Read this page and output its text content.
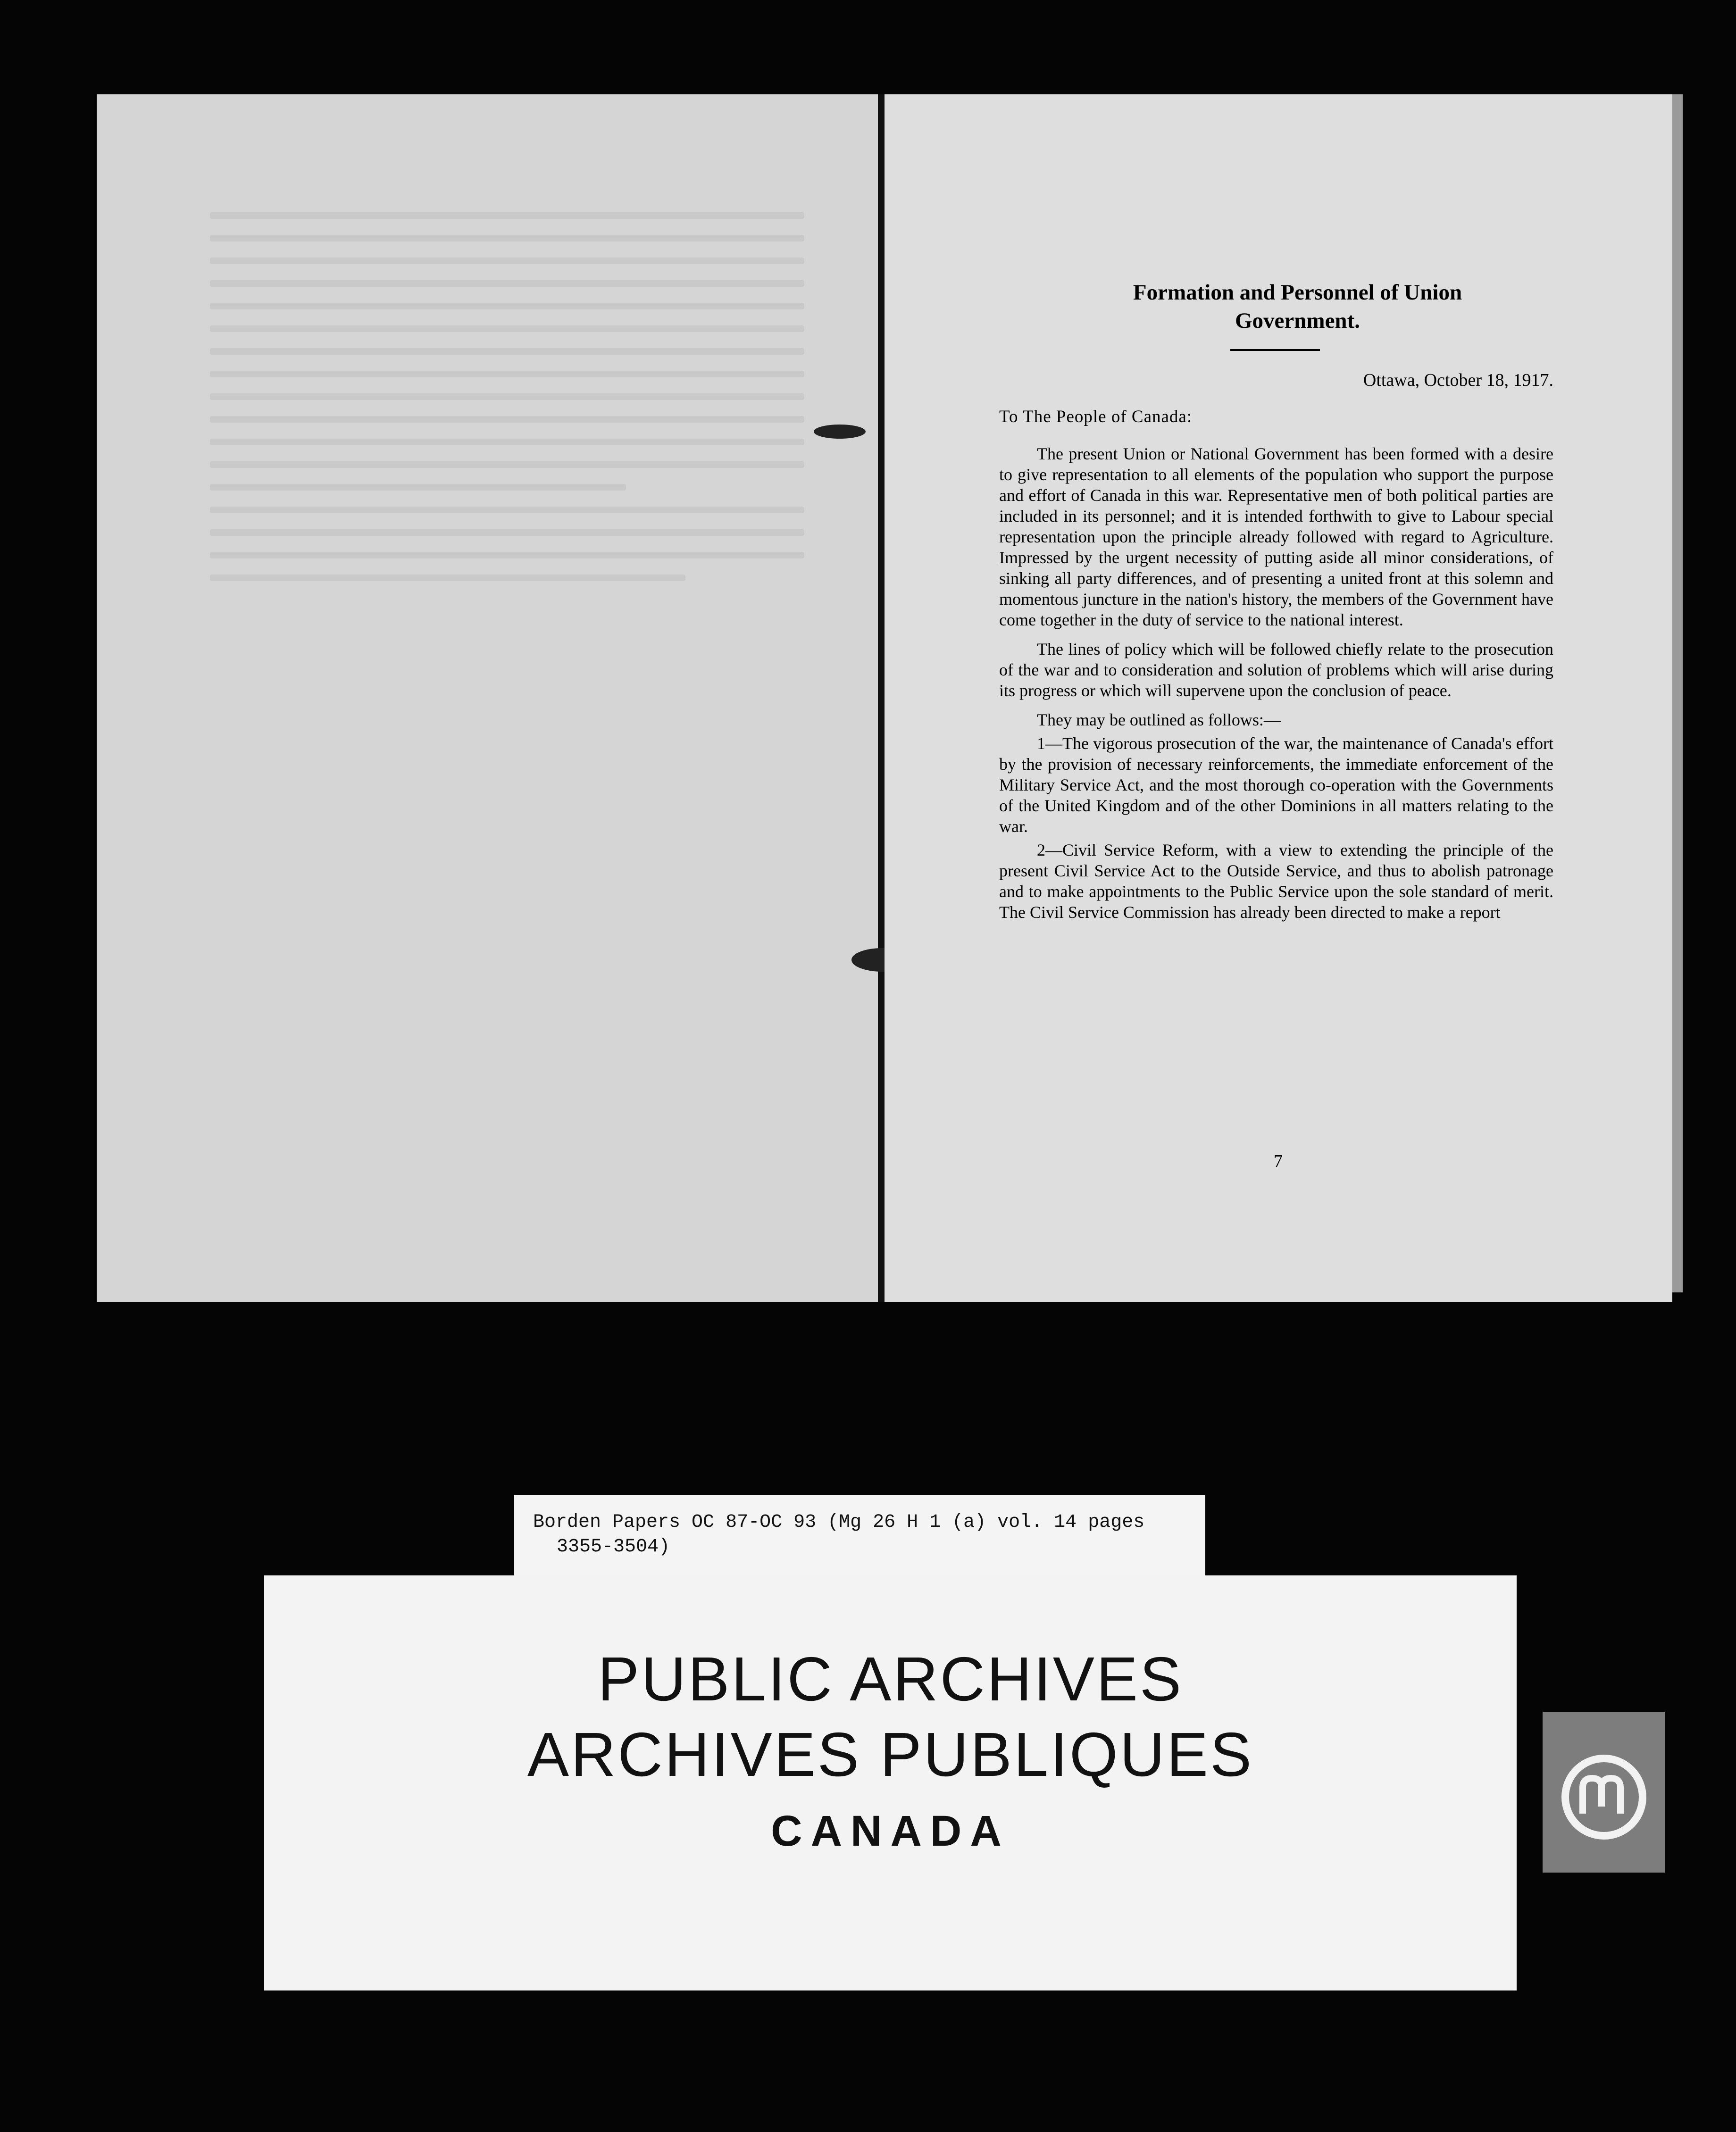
Formation and Personnel of Union
Government.
Ottawa, October 18, 1917.
To The People of Canada:

The present Union or National Government has been formed with a desire to give representation to all elements of the population who support the purpose and effort of Canada in this war. Representative men of both political parties are included in its personnel; and it is intended forthwith to give to Labour special representation upon the principle already followed with regard to Agriculture. Impressed by the urgent necessity of putting aside all minor considerations, of sinking all party differences, and of presenting a united front at this solemn and momentous juncture in the nation's history, the members of the Government have come together in the duty of service to the national interest.

The lines of policy which will be followed chiefly relate to the prosecution of the war and to consideration and solution of problems which will arise during its progress or which will supervene upon the conclusion of peace.

They may be outlined as follows:—

1—The vigorous prosecution of the war, the maintenance of Canada's effort by the provision of necessary reinforcements, the immediate enforcement of the Military Service Act, and the most thorough co-operation with the Governments of the United Kingdom and of the other Dominions in all matters relating to the war.

2—Civil Service Reform, with a view to extending the principle of the present Civil Service Act to the Outside Service, and thus to abolish patronage and to make appointments to the Public Service upon the sole standard of merit. The Civil Service Commission has already been directed to make a report

7
Borden Papers OC 87-OC 93 (Mg 26 H 1 (a) vol. 14 pages
3355-3504)
PUBLIC ARCHIVES
ARCHIVES PUBLIQUES
CANADA
